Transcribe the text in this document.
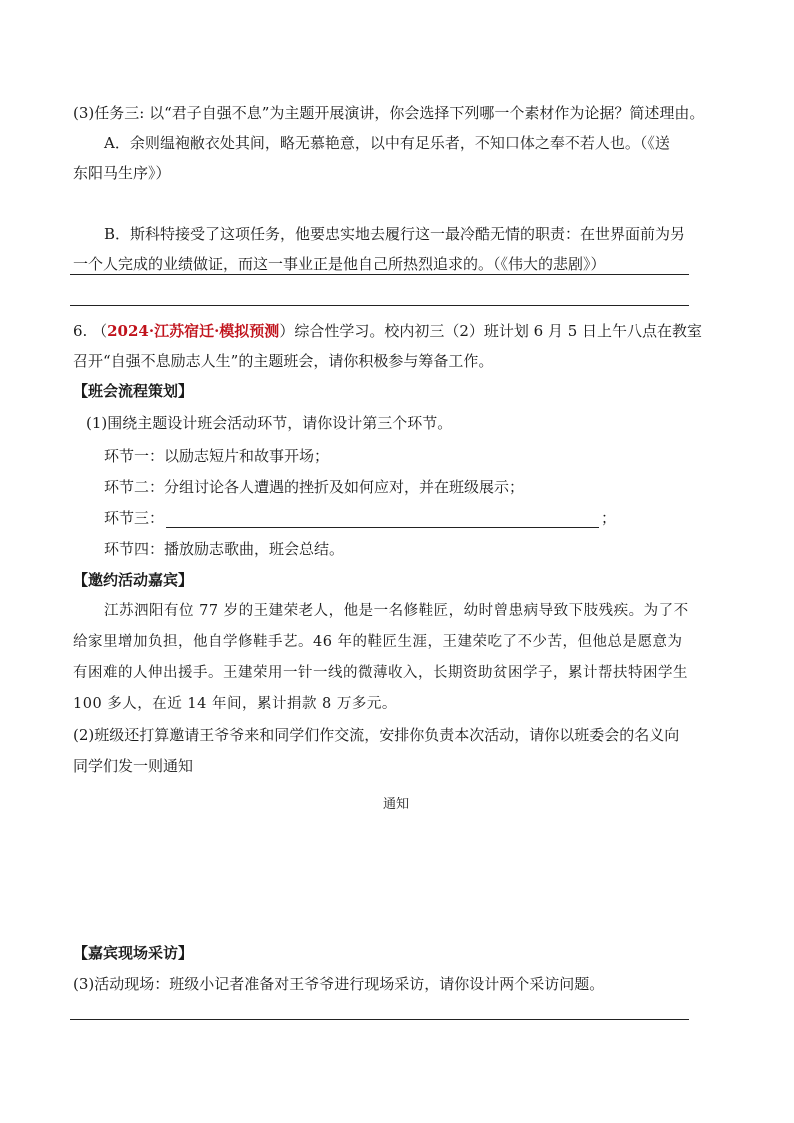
(3)任务三: 以“君子自强不息”为主题开展演讲，你会选择下列哪一个素材作为论据？简述理由。
A．余则缊袍敝衣处其间，略无慕艳意，以中有足乐者，不知口体之奉不若人也。（《送
东阳马生序》）
B．斯科特接受了这项任务，他要忠实地去履行这一最冷酷无情的职责：在世界面前为另
6. （2024·江苏宿迁·模拟预测）综合性学习。校内初三（2）班计划 6 月 5 日上午八点在教室
召开“自强不息励志人生”的主题班会，请你积极参与筹备工作。
【班会流程策划】
(1)围绕主题设计班会活动环节，请你设计第三个环节。
环节一：以励志短片和故事开场；
环节二：分组讨论各人遭遇的挫折及如何应对，并在班级展示；
环节三：	；
环节四：播放励志歌曲，班会总结。
【邀约活动嘉宾】
江苏泗阳有位 77 岁的王建荣老人，他是一名修鞋匠，幼时曾患病导致下肢残疾。为了不
给家里增加负担，他自学修鞋手艺。46 年的鞋匠生涯，王建荣吃了不少苦，但他总是愿意为
有困难的人伸出援手。王建荣用一针一线的微薄收入，长期资助贫困学子，累计帮扶特困学生
100 多人，在近 14 年间，累计捐款 8 万多元。
(2)班级还打算邀请王爷爷来和同学们作交流，安排你负责本次活动，请你以班委会的名义向
同学们发一则通知
通知
【嘉宾现场采访】
(3)活动现场：班级小记者准备对王爷爷进行现场采访，请你设计两个采访问题。
一个人完成的业绩做证，而这一事业正是他自己所热烈追求的。（《伟大的悲剧》）
